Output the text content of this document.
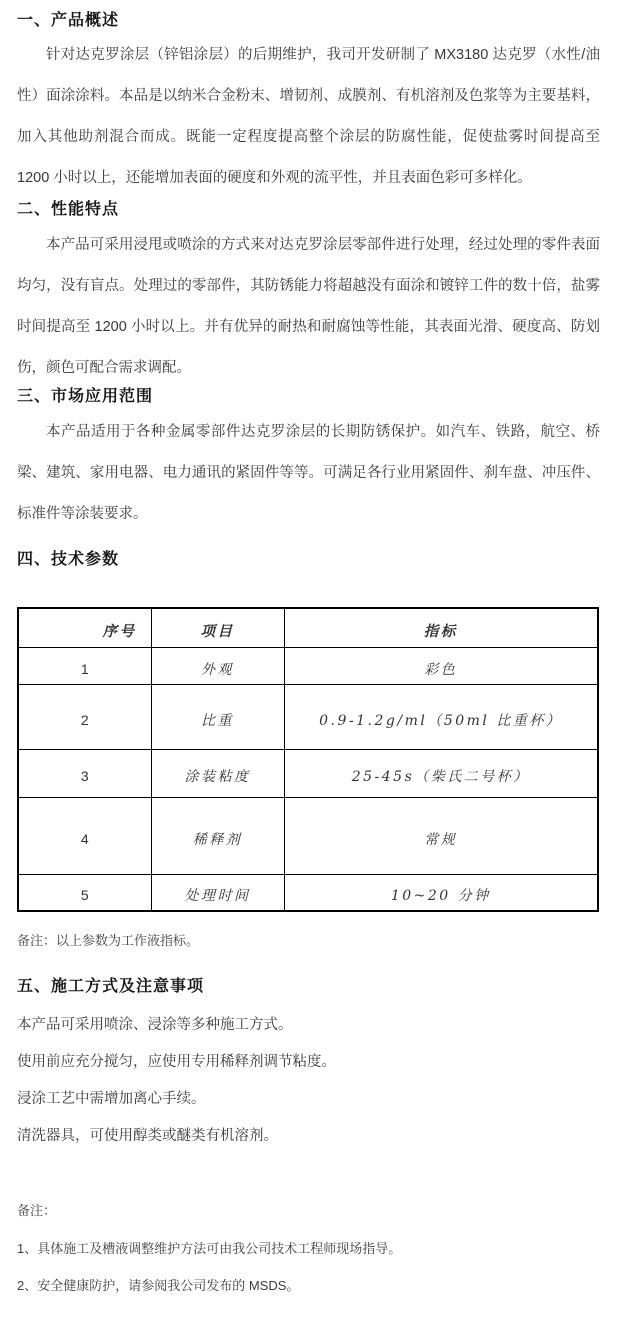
一、产品概述
针对达克罗涂层（锌铝涂层）的后期维护，我司开发研制了 MX3180 达克罗（水性/油性）面涂涂料。本品是以纳米合金粉末、增韧剂、成膜剂、有机溶剂及色浆等为主要基料，加入其他助剂混合而成。既能一定程度提高整个涂层的防腐性能，促使盐雾时间提高至 1200 小时以上，还能增加表面的硬度和外观的流平性，并且表面色彩可多样化。
二、性能特点
本产品可采用浸甩或喷涂的方式来对达克罗涂层零部件进行处理，经过处理的零件表面均匀，没有盲点。处理过的零部件，其防锈能力将超越没有面涂和镀锌工件的数十倍，盐雾时间提高至 1200 小时以上。并有优异的耐热和耐腐蚀等性能，其表面光滑、硬度高、防划伤，颜色可配合需求调配。
三、市场应用范围
本产品适用于各种金属零部件达克罗涂层的长期防锈保护。如汽车、铁路，航空、桥梁、建筑、家用电器、电力通讯的紧固件等等。可满足各行业用紧固件、刹车盘、冲压件、标准件等涂装要求。
四、技术参数
序号	项目	指标
1	外观	彩色
2	比重	0.9-1.2g/ml（50ml 比重杯）
3	涂装粘度	25-45s（柴氏二号杯）
4	稀释剂	常规
5	处理时间	10~20 分钟
备注：以上参数为工作液指标。
五、施工方式及注意事项
本产品可采用喷涂、浸涂等多种施工方式。
使用前应充分搅匀，应使用专用稀释剂调节粘度。
浸涂工艺中需增加离心手续。
清洗器具，可使用醇类或醚类有机溶剂。
备注：
1、具体施工及槽液调整维护方法可由我公司技术工程师现场指导。
2、安全健康防护，请参阅我公司发布的 MSDS。
